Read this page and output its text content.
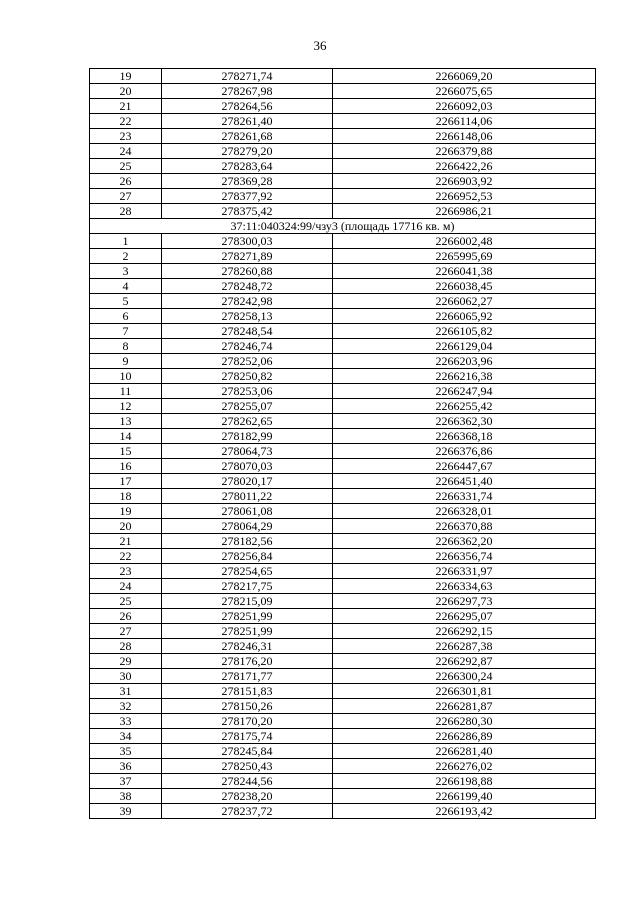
36
19	278271,74	2266069,20
20	278267,98	2266075,65
21	278264,56	2266092,03
22	278261,40	2266114,06
23	278261,68	2266148,06
24	278279,20	2266379,88
25	278283,64	2266422,26
26	278369,28	2266903,92
27	278377,92	2266952,53
28	278375,42	2266986,21
37:11:040324:99/чзу3 (площадь 17716 кв. м)		
1	278300,03	2266002,48
2	278271,89	2265995,69
3	278260,88	2266041,38
4	278248,72	2266038,45
5	278242,98	2266062,27
6	278258,13	2266065,92
7	278248,54	2266105,82
8	278246,74	2266129,04
9	278252,06	2266203,96
10	278250,82	2266216,38
11	278253,06	2266247,94
12	278255,07	2266255,42
13	278262,65	2266362,30
14	278182,99	2266368,18
15	278064,73	2266376,86
16	278070,03	2266447,67
17	278020,17	2266451,40
18	278011,22	2266331,74
19	278061,08	2266328,01
20	278064,29	2266370,88
21	278182,56	2266362,20
22	278256,84	2266356,74
23	278254,65	2266331,97
24	278217,75	2266334,63
25	278215,09	2266297,73
26	278251,99	2266295,07
27	278251,99	2266292,15
28	278246,31	2266287,38
29	278176,20	2266292,87
30	278171,77	2266300,24
31	278151,83	2266301,81
32	278150,26	2266281,87
33	278170,20	2266280,30
34	278175,74	2266286,89
35	278245,84	2266281,40
36	278250,43	2266276,02
37	278244,56	2266198,88
38	278238,20	2266199,40
39	278237,72	2266193,42
